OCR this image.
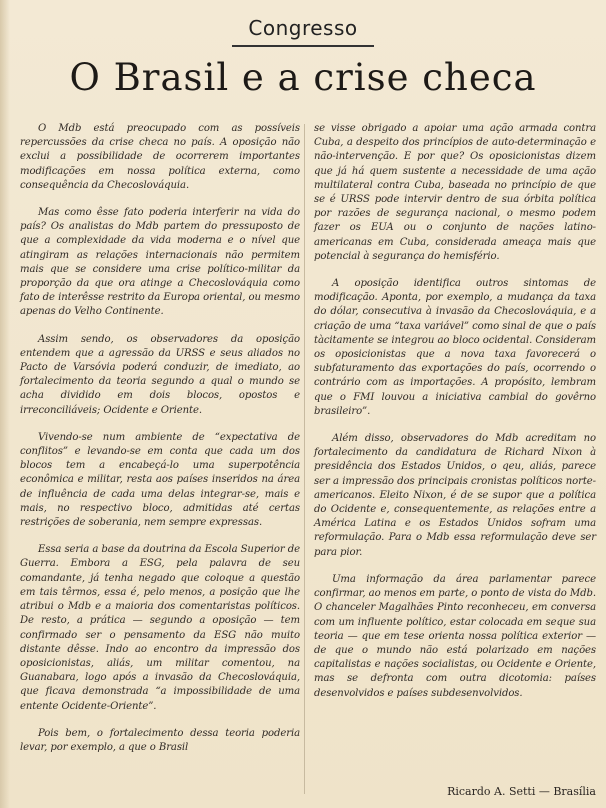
Congresso
O Brasil e a crise checa

O Mdb está preocupado com as possíveis repercussões da crise checa no país. A oposição não exclui a possibilidade de ocorrerem importantes modificações em nossa política externa, como consequência da Checoslováquia.

Mas como êsse fato poderia interferir na vida do país? Os analistas do Mdb partem do pressuposto de que a complexidade da vida moderna e o nível que atingiram as relações internacionais não permitem mais que se considere uma crise político-militar da proporção da que ora atinge a Checoslováquia como fato de interêsse restrito da Europa oriental, ou mesmo apenas do Velho Continente.

Assim sendo, os observadores da oposição entendem que a agressão da URSS e seus aliados no Pacto de Varsóvia poderá conduzir, de imediato, ao fortalecimento da teoria segundo a qual o mundo se acha dividido em dois blocos, opostos e irreconciliáveis; Ocidente e Oriente.

Vivendo-se num ambiente de “expectativa de conflitos” e levando-se em conta que cada um dos blocos tem a encabeçá-lo uma superpotência econômica e militar, resta aos países inseridos na área de influência de cada uma delas integrar-se, mais e mais, no respectivo bloco, admitidas até certas restrições de soberania, nem sempre expressas.

Essa seria a base da doutrina da Escola Superior de Guerra. Embora a ESG, pela palavra de seu comandante, já tenha negado que coloque a questão em tais têrmos, essa é, pelo menos, a posição que lhe atribui o Mdb e a maioria dos comentaristas políticos. De resto, a prática — segundo a oposição — tem confirmado ser o pensamento da ESG não muito distante dêsse. Indo ao encontro da impressão dos oposicionistas, aliás, um militar comentou, na Guanabara, logo após a invasão da Checoslováquia, que ficava demonstrada “a impossibilidade de uma entente Ocidente-Oriente”.

Pois bem, o fortalecimento dessa teoria poderia levar, por exemplo, a que o Brasil

se visse obrigado a apoiar uma ação armada contra Cuba, a despeito dos princípios de auto-determinação e não-intervenção. E por que? Os oposicionistas dizem que já há quem sustente a necessidade de uma ação multilateral contra Cuba, baseada no princípio de que se é URSS pode intervir dentro de sua órbita política por razões de segurança nacional, o mesmo podem fazer os EUA ou o conjunto de nações latino-americanas em Cuba, considerada ameaça mais que potencial à segurança do hemisfério.

A oposição identifica outros sintomas de modificação. Aponta, por exemplo, a mudança da taxa do dólar, consecutiva à invasão da Checoslováquia, e a criação de uma “taxa variável” como sinal de que o país tàcitamente se integrou ao bloco ocidental. Consideram os oposicionistas que a nova taxa favorecerá o subfaturamento das exportações do país, ocorrendo o contrário com as importações. A propósito, lembram que o FMI louvou a iniciativa cambial do govêrno brasileiro”.

Além disso, observadores do Mdb acreditam no fortalecimento da candidatura de Richard Nixon à presidência dos Estados Unidos, o qeu, aliás, parece ser a impressão dos principais cronistas políticos norte-americanos. Eleito Nixon, é de se supor que a política do Ocidente e, consequentemente, as relações entre a América Latina e os Estados Unidos sofram uma reformulação. Para o Mdb essa reformulação deve ser para pior.

Uma informação da área parlamentar parece confirmar, ao menos em parte, o ponto de vista do Mdb. O chanceler Magalhães Pinto reconheceu, em conversa com um influente político, estar colocada em seque sua teoria — que em tese orienta nossa política exterior — de que o mundo não está polarizado em nações capitalistas e nações socialistas, ou Ocidente e Oriente, mas se defronta com outra dicotomia: países desenvolvidos e países subdesenvolvidos.

Ricardo A. Setti — Brasília
